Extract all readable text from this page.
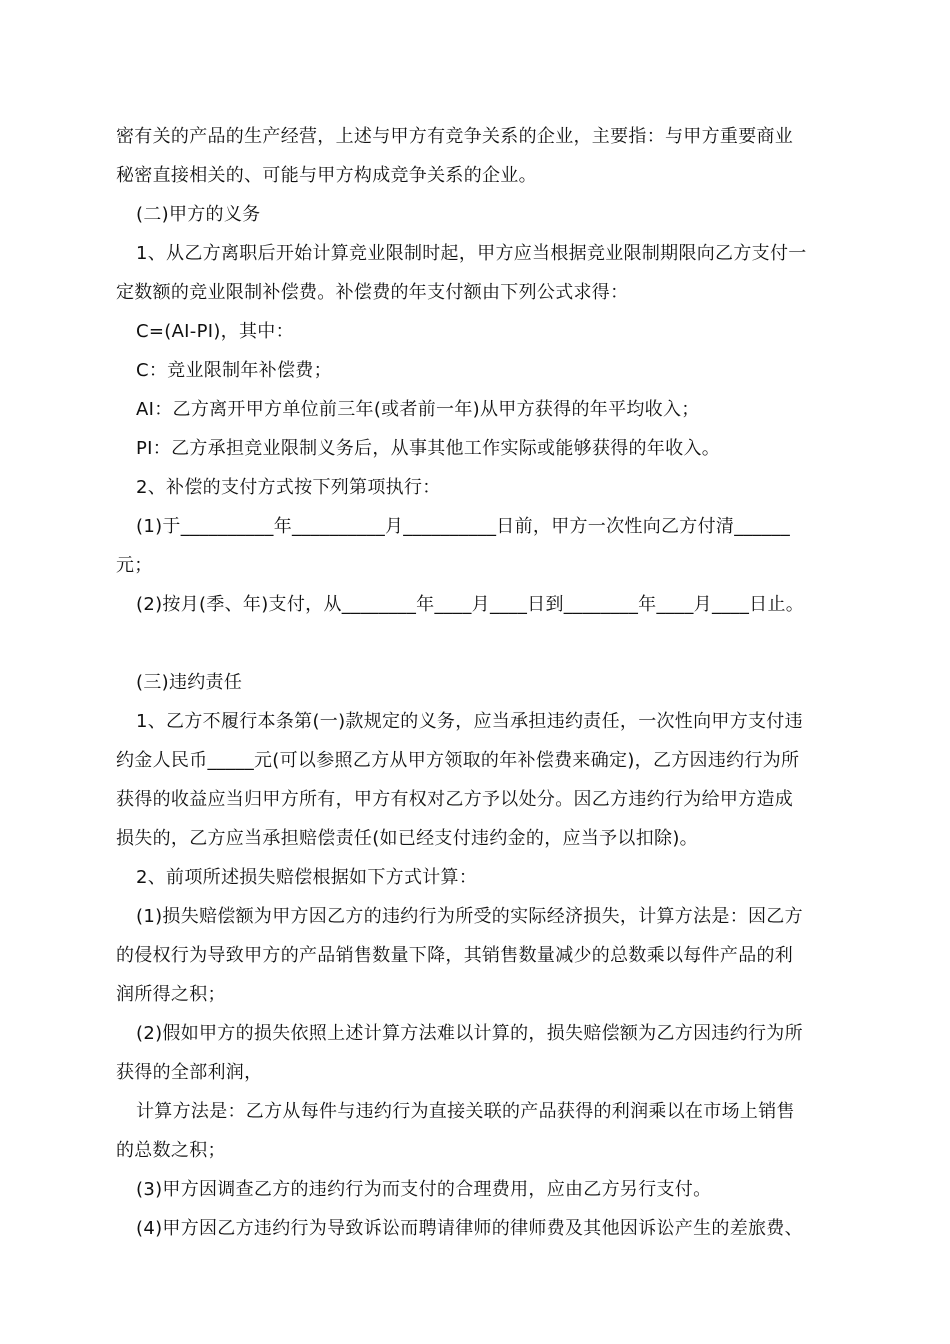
密有关的产品的生产经营，上述与甲方有竞争关系的企业，主要指：与甲方重要商业
秘密直接相关的、可能与甲方构成竞争关系的企业。
(二)甲方的义务
1、从乙方离职后开始计算竞业限制时起，甲方应当根据竞业限制期限向乙方支付一
定数额的竞业限制补偿费。补偿费的年支付额由下列公式求得：
C=(AI-PI)，其中：
C：竞业限制年补偿费；
AI：乙方离开甲方单位前三年(或者前一年)从甲方获得的年平均收入；
PI：乙方承担竞业限制义务后，从事其他工作实际或能够获得的年收入。
2、补偿的支付方式按下列第项执行：
(1)于__________年__________月__________日前，甲方一次性向乙方付清______
元；
(2)按月(季、年)支付，从________年____月____日到________年____月____日止。
(三)违约责任
1、乙方不履行本条第(一)款规定的义务，应当承担违约责任，一次性向甲方支付违
约金人民币_____元(可以参照乙方从甲方领取的年补偿费来确定)，乙方因违约行为所
获得的收益应当归甲方所有，甲方有权对乙方予以处分。因乙方违约行为给甲方造成
损失的，乙方应当承担赔偿责任(如已经支付违约金的，应当予以扣除)。
2、前项所述损失赔偿根据如下方式计算：
(1)损失赔偿额为甲方因乙方的违约行为所受的实际经济损失，计算方法是：因乙方
的侵权行为导致甲方的产品销售数量下降，其销售数量减少的总数乘以每件产品的利
润所得之积；
(2)假如甲方的损失依照上述计算方法难以计算的，损失赔偿额为乙方因违约行为所
获得的全部利润，
计算方法是：乙方从每件与违约行为直接关联的产品获得的利润乘以在市场上销售
的总数之积；
(3)甲方因调查乙方的违约行为而支付的合理费用，应由乙方另行支付。
(4)甲方因乙方违约行为导致诉讼而聘请律师的律师费及其他因诉讼产生的差旅费、
